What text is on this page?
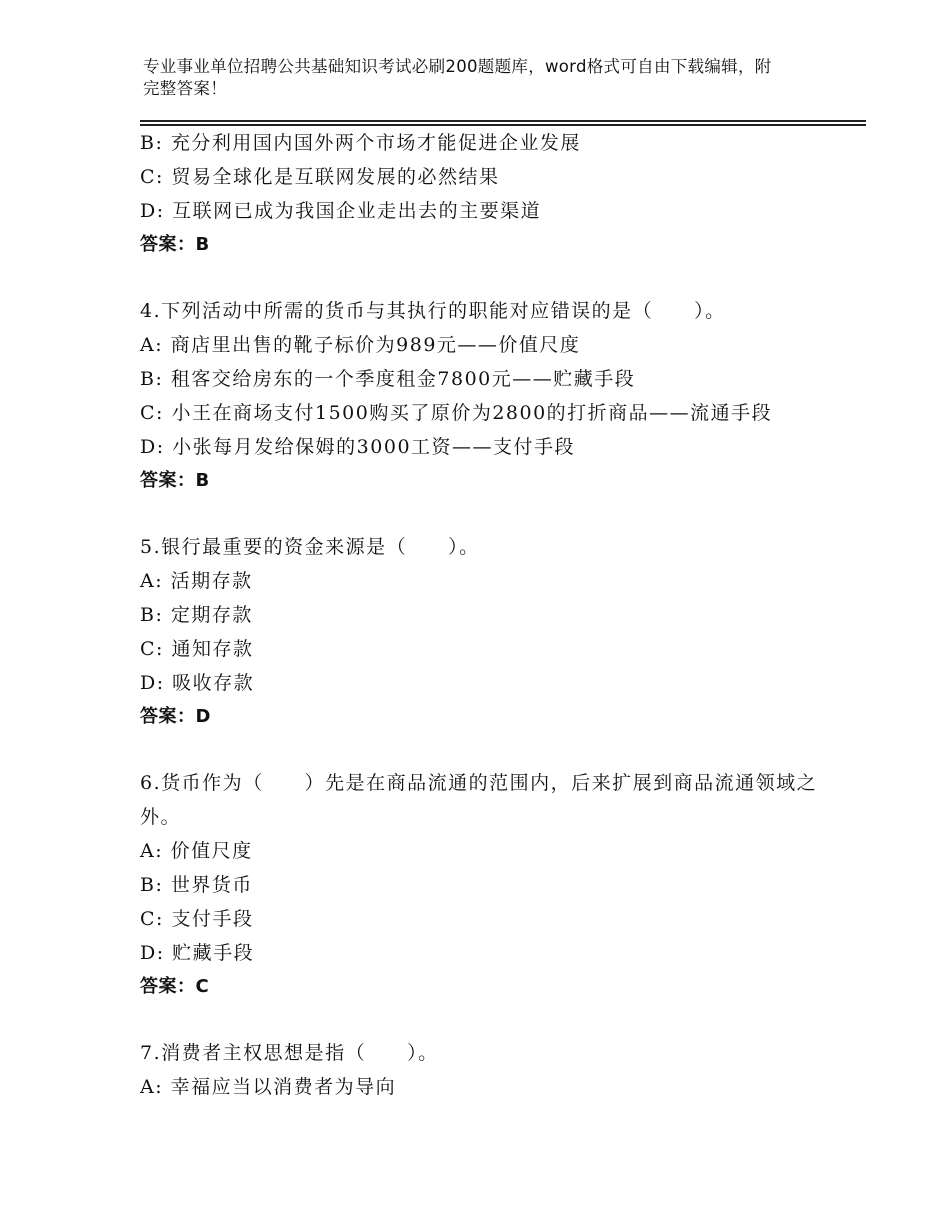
专业事业单位招聘公共基础知识考试必刷200题题库，word格式可自由下载编辑，附完整答案！
B: 充分利用国内国外两个市场才能促进企业发展
C: 贸易全球化是互联网发展的必然结果
D: 互联网已成为我国企业走出去的主要渠道
答案：B
4.下列活动中所需的货币与其执行的职能对应错误的是（　　）。
A: 商店里出售的靴子标价为989元——价值尺度
B: 租客交给房东的一个季度租金7800元——贮藏手段
C: 小王在商场支付1500购买了原价为2800的打折商品——流通手段
D: 小张每月发给保姆的3000工资——支付手段
答案：B
5.银行最重要的资金来源是（　　）。
A: 活期存款
B: 定期存款
C: 通知存款
D: 吸收存款
答案：D
6.货币作为（　　）先是在商品流通的范围内，后来扩展到商品流通领域之外。
A: 价值尺度
B: 世界货币
C: 支付手段
D: 贮藏手段
答案：C
7.消费者主权思想是指（　　）。
A: 幸福应当以消费者为导向
